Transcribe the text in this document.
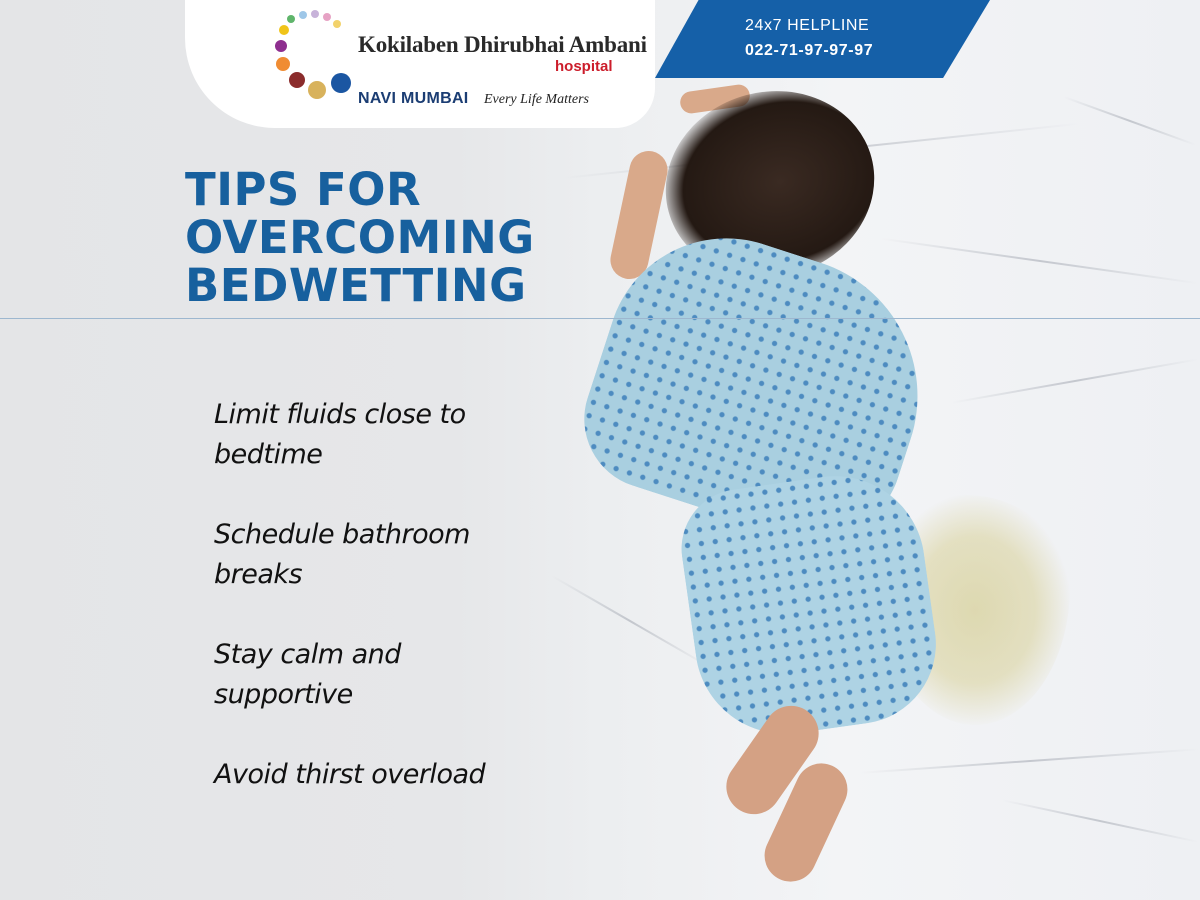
Kokilaben Dhirubhai Ambani
hospital
NAVI MUMBAI Every Life Matters
24x7 HELPLINE
022-71-97-97-97
TIPS FOR
OVERCOMING
BEDWETTING
Limit fluids close to bedtime
Schedule bathroom breaks
Stay calm and supportive
Avoid thirst overload
